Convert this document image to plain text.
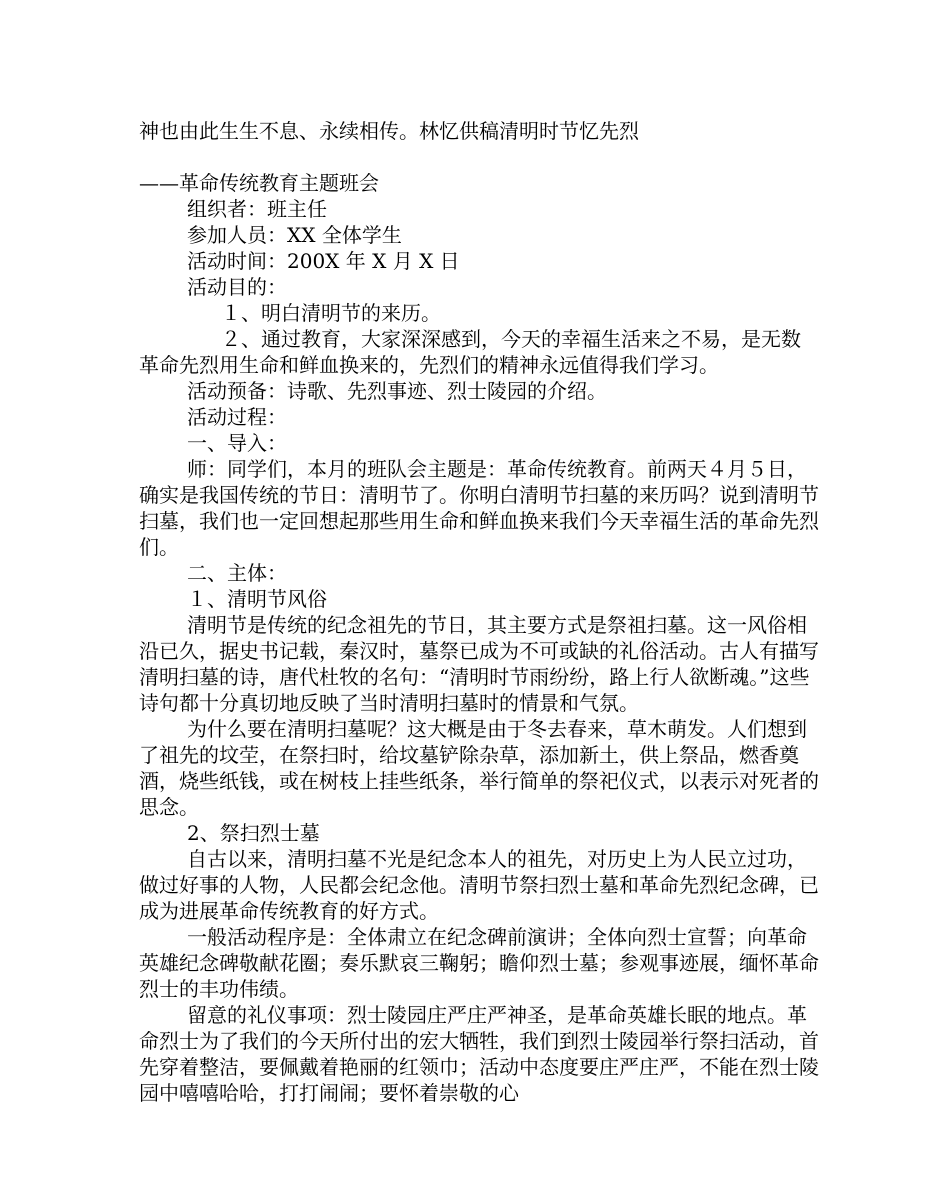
神也由此生生不息、永续相传。林忆供稿清明时节忆先烈

——革命传统教育主题班会

组织者：班主任

参加人员：XX 全体学生

活动时间：200X 年 X 月 X 日

活动目的：

１、明白清明节的来历。

２、通过教育，大家深深感到，今天的幸福生活来之不易，是无数革命先烈用生命和鲜血换来的，先烈们的精神永远值得我们学习。

活动预备：诗歌、先烈事迹、烈士陵园的介绍。

活动过程：

一、导入：

师：同学们，本月的班队会主题是：革命传统教育。前两天４月５日，确实是我国传统的节日：清明节了。你明白清明节扫墓的来历吗？说到清明节扫墓，我们也一定回想起那些用生命和鲜血换来我们今天幸福生活的革命先烈们。

二、主体：

１、清明节风俗

清明节是传统的纪念祖先的节日，其主要方式是祭祖扫墓。这一风俗相沿已久，据史书记载，秦汉时，墓祭已成为不可或缺的礼俗活动。古人有描写清明扫墓的诗，唐代杜牧的名句：“清明时节雨纷纷，路上行人欲断魂。”这些诗句都十分真切地反映了当时清明扫墓时的情景和气氛。

为什么要在清明扫墓呢？这大概是由于冬去春来，草木萌发。人们想到了祖先的坟茔，在祭扫时，给坟墓铲除杂草，添加新土，供上祭品，燃香奠酒，烧些纸钱，或在树枝上挂些纸条，举行简单的祭祀仪式，以表示对死者的思念。

2、祭扫烈士墓

自古以来，清明扫墓不光是纪念本人的祖先，对历史上为人民立过功，做过好事的人物，人民都会纪念他。清明节祭扫烈士墓和革命先烈纪念碑，已成为进展革命传统教育的好方式。

一般活动程序是：全体肃立在纪念碑前演讲；全体向烈士宣誓；向革命英雄纪念碑敬献花圈；奏乐默哀三鞠躬；瞻仰烈士墓；参观事迹展，缅怀革命烈士的丰功伟绩。

留意的礼仪事项：烈士陵园庄严庄严神圣，是革命英雄长眠的地点。革命烈士为了我们的今天所付出的宏大牺牲，我们到烈士陵园举行祭扫活动，首先穿着整洁，要佩戴着艳丽的红领巾；活动中态度要庄严庄严，不能在烈士陵园中嘻嘻哈哈，打打闹闹；要怀着崇敬的心
